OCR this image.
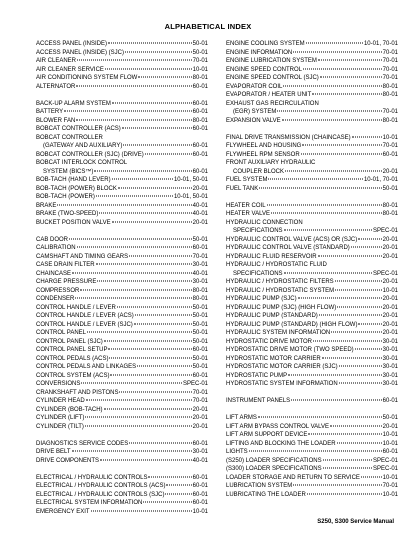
ALPHABETICAL INDEX
ACCESS PANEL (INSIDE)	50-01
ACCESS PANEL (INSIDE) (SJC)	50-01
AIR CLEANER	70-01
AIR CLEANER SERVICE	10-01
AIR CONDITIONING SYSTEM FLOW	80-01
ALTERNATOR	60-01
BACK-UP ALARM SYSTEM	60-01
BATTERY	60-01
BLOWER FAN	80-01
BOBCAT CONTROLLER (ACS)	60-01
BOBCAT CONTROLLER
(GATEWAY AND AUXILIARY)	60-01
BOBCAT CONTROLLER (SJC) (DRIVE)	60-01
BOBCAT INTERLOCK CONTROL
SYSTEM (BICS™)	60-01
BOB-TACH (HAND LEVER)	10-01, 50-01
BOB-TACH (POWER) BLOCK	20-01
BOB-TACH (POWER)	10-01, 50-01
BRAKE	40-01
BRAKE (TWO-SPEED)	40-01
BUCKET POSITION VALVE	20-01
CAB DOOR	50-01
CALIBRATION	60-01
CAMSHAFT AND TIMING GEARS	70-01
CASE DRAIN FILTER	30-01
CHAINCASE	40-01
CHARGE PRESSURE	30-01
COMPRESSOR	80-01
CONDENSER	80-01
CONTROL HANDLE / LEVER	50-01
CONTROL HANDLE / LEVER (ACS)	50-01
CONTROL HANDLE / LEVER (SJC)	50-01
CONTROL PANEL	50-01
CONTROL PANEL (SJC)	50-01
CONTROL PANEL SETUP	60-01
CONTROL PEDALS (ACS)	50-01
CONTROL PEDALS AND LINKAGES	50-01
CONTROL SYSTEM (ACS)	60-01
CONVERSIONS	SPEC-01
CRANKSHAFT AND PISTONS	70-01
CYLINDER HEAD	70-01
CYLINDER (BOB-TACH)	20-01
CYLINDER (LIFT)	20-01
CYLINDER (TILT)	20-01
DIAGNOSTICS SERVICE CODES	60-01
DRIVE BELT	30-01
DRIVE COMPONENTS	40-01
ELECTRICAL / HYDRAULIC CONTROLS	60-01
ELECTRICAL / HYDRAULIC CONTROLS (ACS)	60-01
ELECTRICAL / HYDRAULIC CONTROLS (SJC)	60-01
ELECTRICAL SYSTEM INFORMATION	60-01
EMERGENCY EXIT	10-01
ENGINE COOLING SYSTEM	10-01, 70-01
ENGINE INFORMATION	70-01
ENGINE LUBRICATION SYSTEM	70-01
ENGINE SPEED CONTROL	70-01
ENGINE SPEED CONTROL (SJC)	70-01
EVAPORATOR COIL	80-01
EVAPORATOR / HEATER UNIT	80-01
EXHAUST GAS RECIRCULATION
(EGR) SYSTEM	70-01
EXPANSION VALVE	80-01
FINAL DRIVE TRANSMISSION (CHAINCASE)	10-01
FLYWHEEL AND HOUSING	70-01
FLYWHEEL RPM SENSOR	60-01
FRONT AUXILIARY HYDRAULIC
COUPLER BLOCK	20-01
FUEL SYSTEM	10-01, 70-01
FUEL TANK	50-01
HEATER COIL	80-01
HEATER VALVE	80-01
HYDRAULIC CONNECTION
SPECIFICATIONS	SPEC-01
HYDRAULIC CONTROL VALVE (ACS) OR (SJC)	20-01
HYDRAULIC CONTROL VALVE (STANDARD)	20-01
HYDRAULIC FLUID RESERVOIR	20-01
HYDRAULIC / HYDROSTATIC FLUID
SPECIFICATIONS	SPEC-01
HYDRAULIC / HYDROSTATIC FILTERS	20-01
HYDRAULIC / HYDROSTATIC SYSTEM	10-01
HYDRAULIC PUMP (SJC)	20-01
HYDRAULIC PUMP (SJC) (HIGH FLOW)	20-01
HYDRAULIC PUMP (STANDARD)	20-01
HYDRAULIC PUMP (STANDARD) (HIGH FLOW)	20-01
HYDRAULIC SYSTEM INFORMATION	20-01
HYDROSTATIC DRIVE MOTOR	30-01
HYDROSTATIC DRIVE MOTOR (TWO SPEED)	30-01
HYDROSTATIC MOTOR CARRIER	30-01
HYDROSTATIC MOTOR CARRIER (SJC)	30-01
HYDROSTATIC PUMP	30-01
HYDROSTATIC SYSTEM INFORMATION	30-01
INSTRUMENT PANELS	60-01
LIFT ARMS	50-01
LIFT ARM BYPASS CONTROL VALVE	20-01
LIFT ARM SUPPORT DEVICE	10-01
LIFTING AND BLOCKING THE LOADER	10-01
LIGHTS	60-01
(S250) LOADER SPECIFICATIONS	SPEC-01
(S300) LOADER SPECIFICATIONS	SPEC-01
LOADER STORAGE AND RETURN TO SERVICE	10-01
LUBRICATION SYSTEM	70-01
LUBRICATING THE LOADER	10-01
S250, S300 Service Manual
